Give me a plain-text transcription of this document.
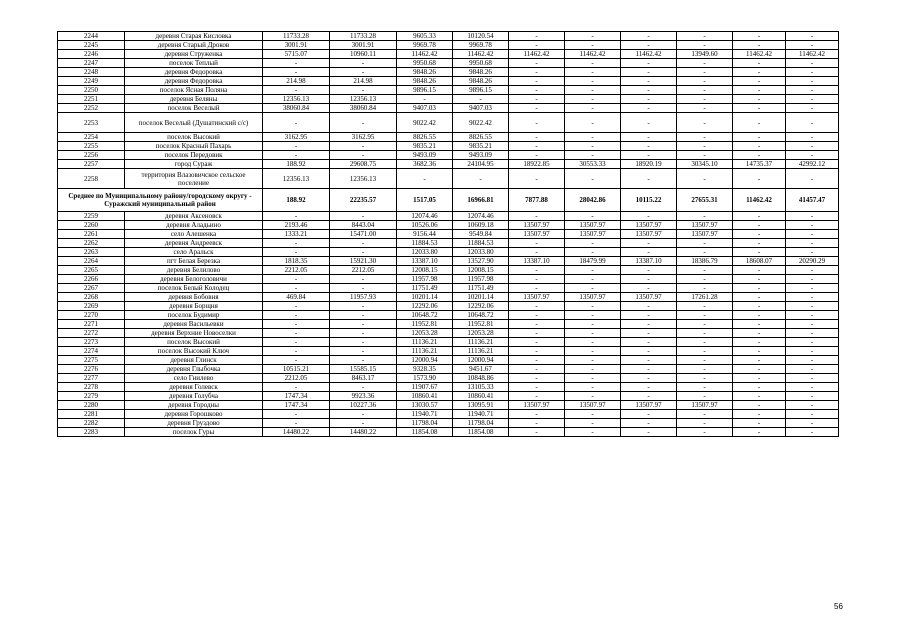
2244	деревня Старая Кисловка	11733.28	11733.28	9605.33	10120.54	-	-	-	-	-	-
2245	деревня Старый Дроков	3001.91	3001.91	9969.78	9969.78	-	-	-	-	-	-
2246	деревня Струженка	5715.07	10960.11	11462.42	11462.42	11462.42	11462.42	11462.42	13949.60	11462.42	11462.42
2247	поселок Теплый	-	-	9950.68	9950.68	-	-	-	-	-	-
2248	деревня Федоровка	-	-	9848.26	9848.26	-	-	-	-	-	-
2249	деревня Федоровка	214.98	214.98	9848.26	9848.26	-	-	-	-	-	-
2250	поселок Ясная Поляна	-	-	9896.15	9896.15	-	-	-	-	-	-
2251	деревня Беляны	12356.13	12356.13	-	-	-	-	-	-	-	-
2252	поселок Веселый	38060.84	38060.84	9407.03	9407.03	-	-	-	-	-	-
2253	поселок Веселый (Душатинский с/с)	-	-	9022.42	9022.42	-	-	-	-	-	-
2254	поселок Высокий	3162.95	3162.95	8826.55	8826.55	-	-	-	-	-	-
2255	поселок Красный Пахарь	-	-	9835.21	9835.21	-	-	-	-	-	-
2256	поселок Передовик	-	-	9493.09	9493.09	-	-	-	-	-	-
2257	город Сураж	188.92	29608.75	3682.36	24104.95	18922.85	30553.33	18920.19	30345.10	14735.37	42992.12
2258	территория Влазовичское сельское поселение	12356.13	12356.13	-	-	-	-	-	-	-	-
Среднее по Муниципальному району/городскому округу - Суражский муниципальный район		188.92	22235.57	1517.05	16966.81	7877.88	28042.86	10115.22	27655.31	11462.42	41457.47
2259	деревня Аксеновск	-	-	12074.46	12074.46	-	-	-	-	-	-
2260	деревня Аладьино	2193.46	8443.04	10526.06	10609.18	13507.97	13507.97	13507.97	13507.97	-	-
2261	село Алешенка	1333.21	15471.00	9156.44	9549.84	13507.97	13507.97	13507.97	13507.97	-	-
2262	деревня Андреевск	-	-	11884.53	11884.53	-	-	-	-	-	-
2263	село Аральск	-	-	12033.80	12033.80	-	-	-	-	-	-
2264	пгт Белая Березка	1818.35	15921.30	13387.10	13527.90	13387.10	18479.99	13387.10	18386.79	18608.07	20290.29
2265	деревня Белилово	2212.05	2212.05	12008.15	12008.15	-	-	-	-	-	-
2266	деревня Белоголовичи	-	-	11957.98	11957.98	-	-	-	-	-	-
2267	поселок Белый Колодец	-	-	11751.49	11751.49	-	-	-	-	-	-
2268	деревня Бобовня	469.84	11957.93	10201.14	10201.14	13507.97	13507.97	13507.97	17261.28	-	-
2269	деревня Борщня	-	-	12292.06	12292.06	-	-	-	-	-	-
2270	поселок Будимир	-	-	10648.72	10648.72	-	-	-	-	-	-
2271	деревня Васильевки	-	-	11952.81	11952.81	-	-	-	-	-	-
2272	деревня Верхние Новоселки	-	-	12053.28	12053.28	-	-	-	-	-	-
2273	поселок Высокий	-	-	11136.21	11136.21	-	-	-	-	-	-
2274	поселок Высокий Ключ	-	-	11136.21	11136.21	-	-	-	-	-	-
2275	деревня Глинск	-	-	12000.94	12000.94	-	-	-	-	-	-
2276	деревня Глыбочка	10515.21	15585.15	9328.35	9451.67	-	-	-	-	-	-
2277	село Гнилево	2212.05	8463.17	1573.90	10848.86	-	-	-	-	-	-
2278	деревня Голевск	-	-	11907.67	13105.33	-	-	-	-	-	-
2279	деревня Голубча	1747.34	9923.36	10860.41	10860.41	-	-	-	-	-	-
2280	деревня Городны	1747.34	10227.36	13030.57	13095.91	13507.97	13507.97	13507.97	13507.97	-	-
2281	деревня Горошково	-	-	11940.71	11940.71	-	-	-	-	-	-
2282	деревня Груздово	-	-	11798.04	11798.04	-	-	-	-	-	-
2283	поселок Гуры	14480.22	14480.22	11854.08	11854.08	-	-	-	-	-	-
56
